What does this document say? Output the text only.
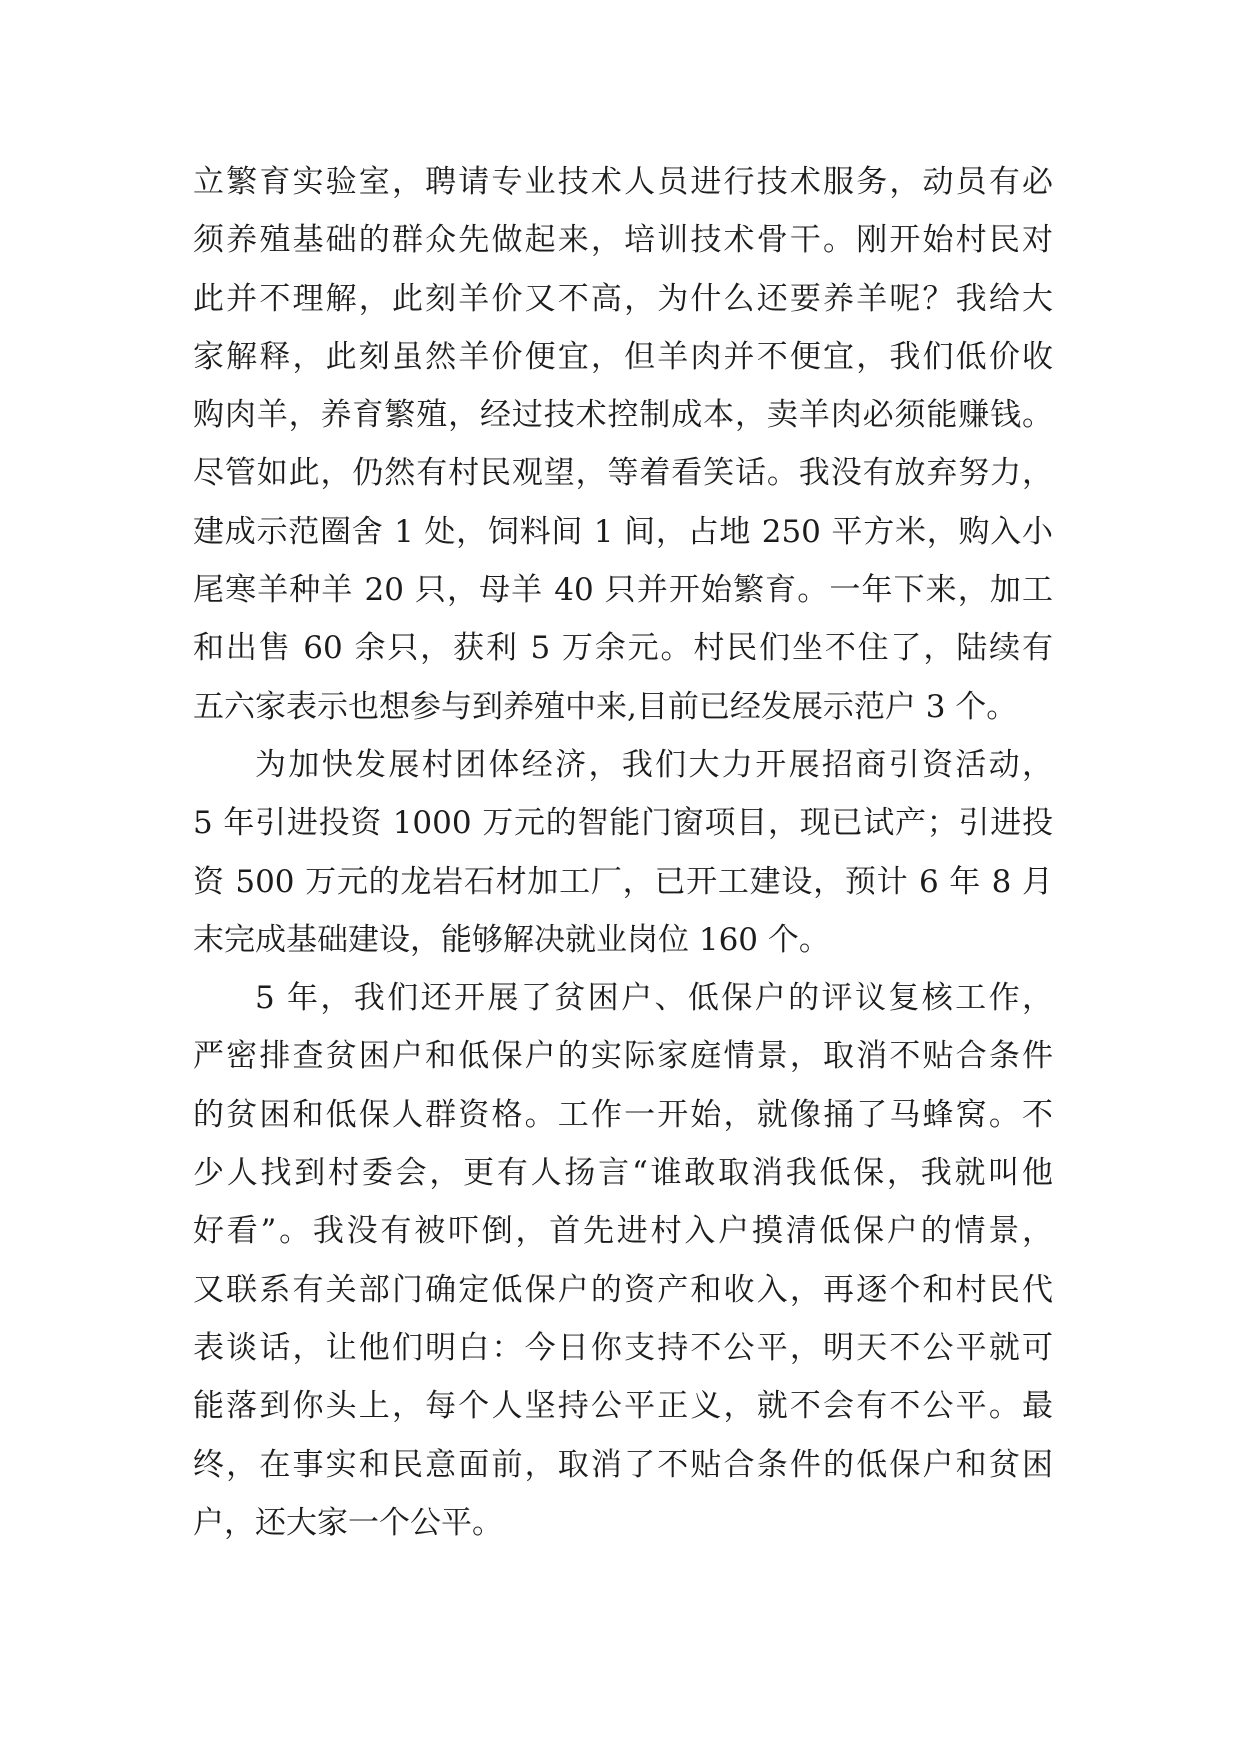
立繁育实验室，聘请专业技术人员进行技术服务，动员有必
须养殖基础的群众先做起来，培训技术骨干。刚开始村民对
此并不理解，此刻羊价又不高，为什么还要养羊呢？我给大
家解释，此刻虽然羊价便宜，但羊肉并不便宜，我们低价收
购肉羊，养育繁殖，经过技术控制成本，卖羊肉必须能赚钱。
尽管如此，仍然有村民观望，等着看笑话。我没有放弃努力，
建成示范圈舍 1 处，饲料间 1 间，占地 250 平方米，购入小
尾寒羊种羊 20 只，母羊 40 只并开始繁育。一年下来，加工
和出售 60 余只，获利 5 万余元。村民们坐不住了，陆续有
五六家表示也想参与到养殖中来,目前已经发展示范户 3 个。
为加快发展村团体经济，我们大力开展招商引资活动，
5 年引进投资 1000 万元的智能门窗项目，现已试产；引进投
资 500 万元的龙岩石材加工厂，已开工建设，预计 6 年 8 月
末完成基础建设，能够解决就业岗位 160 个。
5 年，我们还开展了贫困户、低保户的评议复核工作，
严密排查贫困户和低保户的实际家庭情景，取消不贴合条件
的贫困和低保人群资格。工作一开始，就像捅了马蜂窝。不
少人找到村委会，更有人扬言“谁敢取消我低保，我就叫他
好看”。我没有被吓倒，首先进村入户摸清低保户的情景，
又联系有关部门确定低保户的资产和收入，再逐个和村民代
表谈话，让他们明白：今日你支持不公平，明天不公平就可
能落到你头上，每个人坚持公平正义，就不会有不公平。最
终，在事实和民意面前，取消了不贴合条件的低保户和贫困
户，还大家一个公平。
